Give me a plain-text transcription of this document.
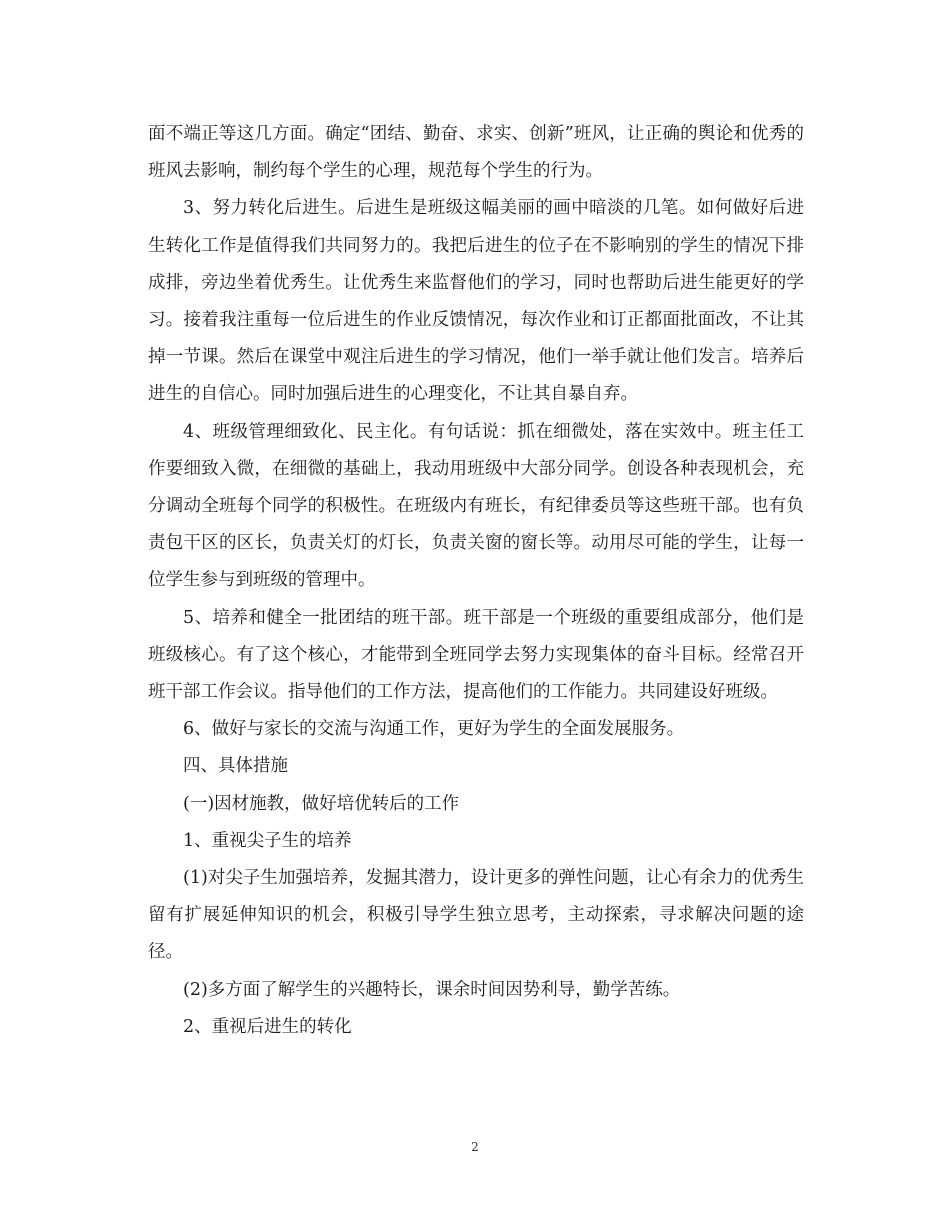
面不端正等这几方面。确定“团结、勤奋、求实、创新”班风，让正确的舆论和优秀的班风去影响，制约每个学生的心理，规范每个学生的行为。

3、努力转化后进生。后进生是班级这幅美丽的画中暗淡的几笔。如何做好后进生转化工作是值得我们共同努力的。我把后进生的位子在不影响别的学生的情况下排成排，旁边坐着优秀生。让优秀生来监督他们的学习，同时也帮助后进生能更好的学习。接着我注重每一位后进生的作业反馈情况，每次作业和订正都面批面改，不让其掉一节课。然后在课堂中观注后进生的学习情况，他们一举手就让他们发言。培养后进生的自信心。同时加强后进生的心理变化，不让其自暴自弃。

4、班级管理细致化、民主化。有句话说：抓在细微处，落在实效中。班主任工作要细致入微，在细微的基础上，我动用班级中大部分同学。创设各种表现机会，充分调动全班每个同学的积极性。在班级内有班长，有纪律委员等这些班干部。也有负责包干区的区长，负责关灯的灯长，负责关窗的窗长等。动用尽可能的学生，让每一位学生参与到班级的管理中。

5、培养和健全一批团结的班干部。班干部是一个班级的重要组成部分，他们是班级核心。有了这个核心，才能带到全班同学去努力实现集体的奋斗目标。经常召开班干部工作会议。指导他们的工作方法，提高他们的工作能力。共同建设好班级。

6、做好与家长的交流与沟通工作，更好为学生的全面发展服务。

四、具体措施

(一)因材施教，做好培优转后的工作

1、重视尖子生的培养

(1)对尖子生加强培养，发掘其潜力，设计更多的弹性问题，让心有余力的优秀生留有扩展延伸知识的机会，积极引导学生独立思考，主动探索，寻求解决问题的途径。

(2)多方面了解学生的兴趣特长，课余时间因势利导，勤学苦练。

2、重视后进生的转化

2
